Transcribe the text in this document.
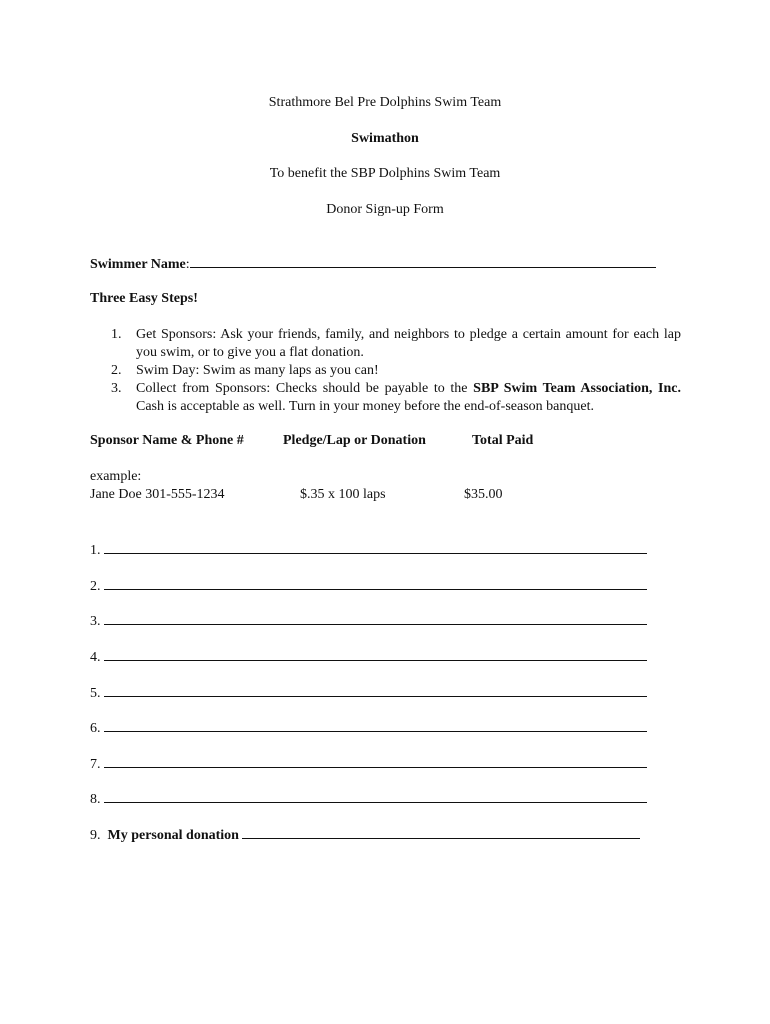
Strathmore Bel Pre Dolphins Swim Team
Swimathon
To benefit the SBP Dolphins Swim Team
Donor Sign-up Form
Swimmer Name:
Three Easy Steps!
1. Get Sponsors: Ask your friends, family, and neighbors to pledge a certain amount for each lap you swim, or to give you a flat donation.
2. Swim Day: Swim as many laps as you can!
3. Collect from Sponsors: Checks should be payable to the SBP Swim Team Association, Inc. Cash is acceptable as well. Turn in your money before the end-of-season banquet.
Sponsor Name & Phone #	Pledge/Lap or Donation	Total Paid
example:
Jane Doe 301-555-1234	$.35 x 100 laps	$35.00
1.
2.
3.
4.
5.
6.
7.
8.
9. My personal donation
